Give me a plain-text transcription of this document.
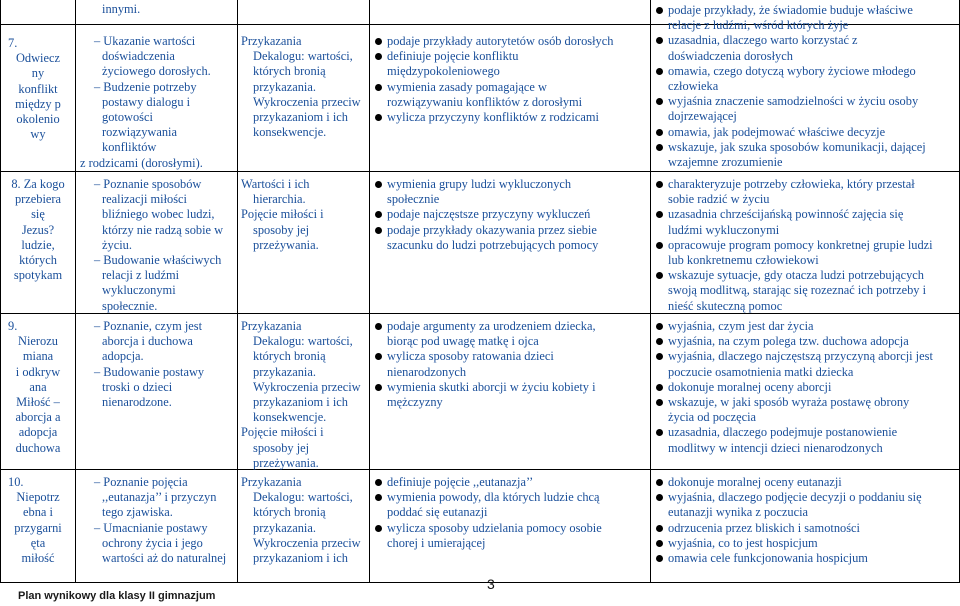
innymi.
7.
Odwiecz
ny
konflikt
między p
okolenio
wy
– Ukazanie wartości
doświadczenia
życiowego dorosłych.
– Budzenie potrzeby
postawy dialogu i
gotowości
rozwiązywania
konfliktów
z rodzicami (dorosłymi).
Przykazania
Dekalogu: wartości,
których bronią
przykazania.
Wykroczenia przeciw
przykazaniom i ich
konsekwencje.
podaje przykłady autorytetów osób dorosłych
definiuje pojęcie konfliktu
międzypokoleniowego
wymienia zasady pomagające w
rozwiązywaniu konfliktów z dorosłymi
wylicza przyczyny konfliktów z rodzicami
podaje przykłady, że świadomie buduje właściwe
relacje z ludźmi, wśród których żyje
uzasadnia, dlaczego warto korzystać z
doświadczenia dorosłych
omawia, czego dotyczą wybory życiowe młodego
człowieka
wyjaśnia znaczenie samodzielności w życiu osoby
dojrzewającej
omawia, jak podejmować właściwe decyzje
wskazuje, jak szuka sposobów komunikacji, dającej
wzajemne zrozumienie
8. Za kogo
przebiera
się
Jezus?
ludzie,
których
spotykam
– Poznanie sposobów
realizacji miłości
bliźniego wobec ludzi,
którzy nie radzą sobie w
życiu.
– Budowanie właściwych
relacji z ludźmi
wykluczonymi
społecznie.
Wartości i ich
hierarchia.
Pojęcie miłości i
sposoby jej
przeżywania.
wymienia grupy ludzi wykluczonych
społecznie
podaje najczęstsze przyczyny wykluczeń
podaje przykłady okazywania przez siebie
szacunku do ludzi potrzebujących pomocy
charakteryzuje potrzeby człowieka, który przestał
sobie radzić w życiu
uzasadnia chrześcijańską powinność zajęcia się
ludźmi wykluczonymi
opracowuje program pomocy konkretnej grupie ludzi
lub konkretnemu człowiekowi
wskazuje sytuacje, gdy otacza ludzi potrzebujących
swoją modlitwą, starając się rozeznać ich potrzeby i
nieść skuteczną pomoc
9.
Nierozu
miana
i odkryw
ana
Miłość –
aborcja a
adopcja
duchowa
– Poznanie, czym jest
aborcja i duchowa
adopcja.
– Budowanie postawy
troski o dzieci
nienarodzone.
Przykazania
Dekalogu: wartości,
których bronią
przykazania.
Wykroczenia przeciw
przykazaniom i ich
konsekwencje.
Pojęcie miłości i
sposoby jej
przeżywania.
podaje argumenty za urodzeniem dziecka,
biorąc pod uwagę matkę i ojca
wylicza sposoby ratowania dzieci
nienarodzonych
wymienia skutki aborcji w życiu kobiety i
mężczyzny
wyjaśnia, czym jest dar życia
wyjaśnia, na czym polega tzw. duchowa adopcja
wyjaśnia, dlaczego najczęstszą przyczyną aborcji jest
poczucie osamotnienia matki dziecka
dokonuje moralnej oceny aborcji
wskazuje, w jaki sposób wyraża postawę obrony
życia od poczęcia
uzasadnia, dlaczego podejmuje postanowienie
modlitwy w intencji dzieci nienarodzonych
10.
Niepotrz
ebna i
przygarni
ęta
miłość
– Poznanie pojęcia
,,eutanazja’’ i przyczyn
tego zjawiska.
– Umacnianie postawy
ochrony życia i jego
wartości aż do naturalnej
Przykazania
Dekalogu: wartości,
których bronią
przykazania.
Wykroczenia przeciw
przykazaniom i ich
definiuje pojęcie ,,eutanazja’’
wymienia powody, dla których ludzie chcą
poddać się eutanazji
wylicza sposoby udzielania pomocy osobie
chorej i umierającej
dokonuje moralnej oceny eutanazji
wyjaśnia, dlaczego podjęcie decyzji o poddaniu się
eutanazji wynika z poczucia
odrzucenia przez bliskich i samotności
wyjaśnia, co to jest hospicjum
omawia cele funkcjonowania hospicjum
3
Plan wynikowy dla klasy II gimnazjum
